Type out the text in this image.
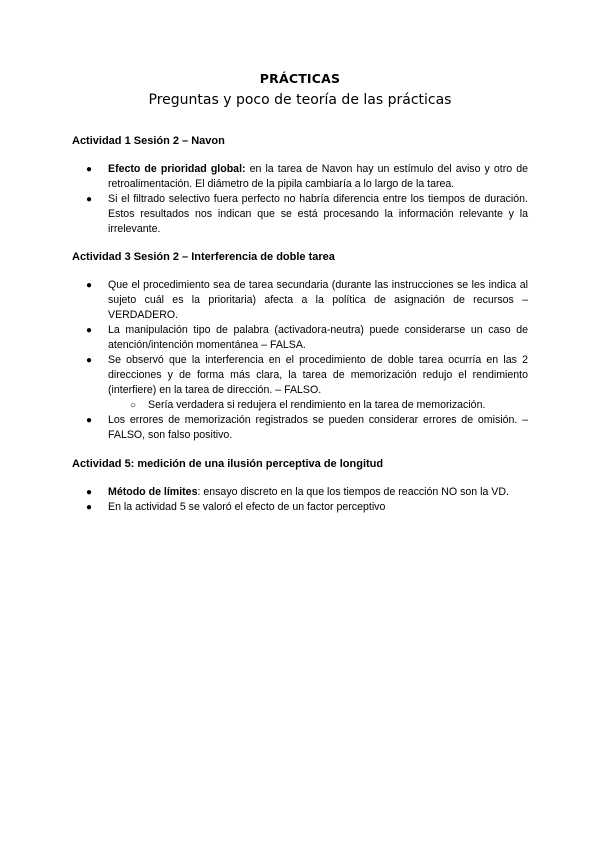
PRÁCTICAS
Preguntas y poco de teoría de las prácticas
Actividad 1 Sesión 2 – Navon
● Efecto de prioridad global: en la tarea de Navon hay un estímulo del aviso y otro de retroalimentación. El diámetro de la pipila cambiaría a lo largo de la tarea.
● Si el filtrado selectivo fuera perfecto no habría diferencia entre los tiempos de duración. Estos resultados nos indican que se está procesando la información relevante y la irrelevante.
Actividad 3 Sesión 2 – Interferencia de doble tarea
● Que el procedimiento sea de tarea secundaria (durante las instrucciones se les indica al sujeto cuál es la prioritaria) afecta a la política de asignación de recursos – VERDADERO.
● La manipulación tipo de palabra (activadora-neutra) puede considerarse un caso de atención/intención momentánea – FALSA.
● Se observó que la interferencia en el procedimiento de doble tarea ocurría en las 2 direcciones y de forma más clara, la tarea de memorización redujo el rendimiento (interfiere) en la tarea de dirección. – FALSO.
○ Sería verdadera si redujera el rendimiento en la tarea de memorización.
● Los errores de memorización registrados se pueden considerar errores de omisión. – FALSO, son falso positivo.
Actividad 5: medición de una ilusión perceptiva de longitud
● Método de límites: ensayo discreto en la que los tiempos de reacción NO son la VD.
● En la actividad 5 se valoró el efecto de un factor perceptivo
